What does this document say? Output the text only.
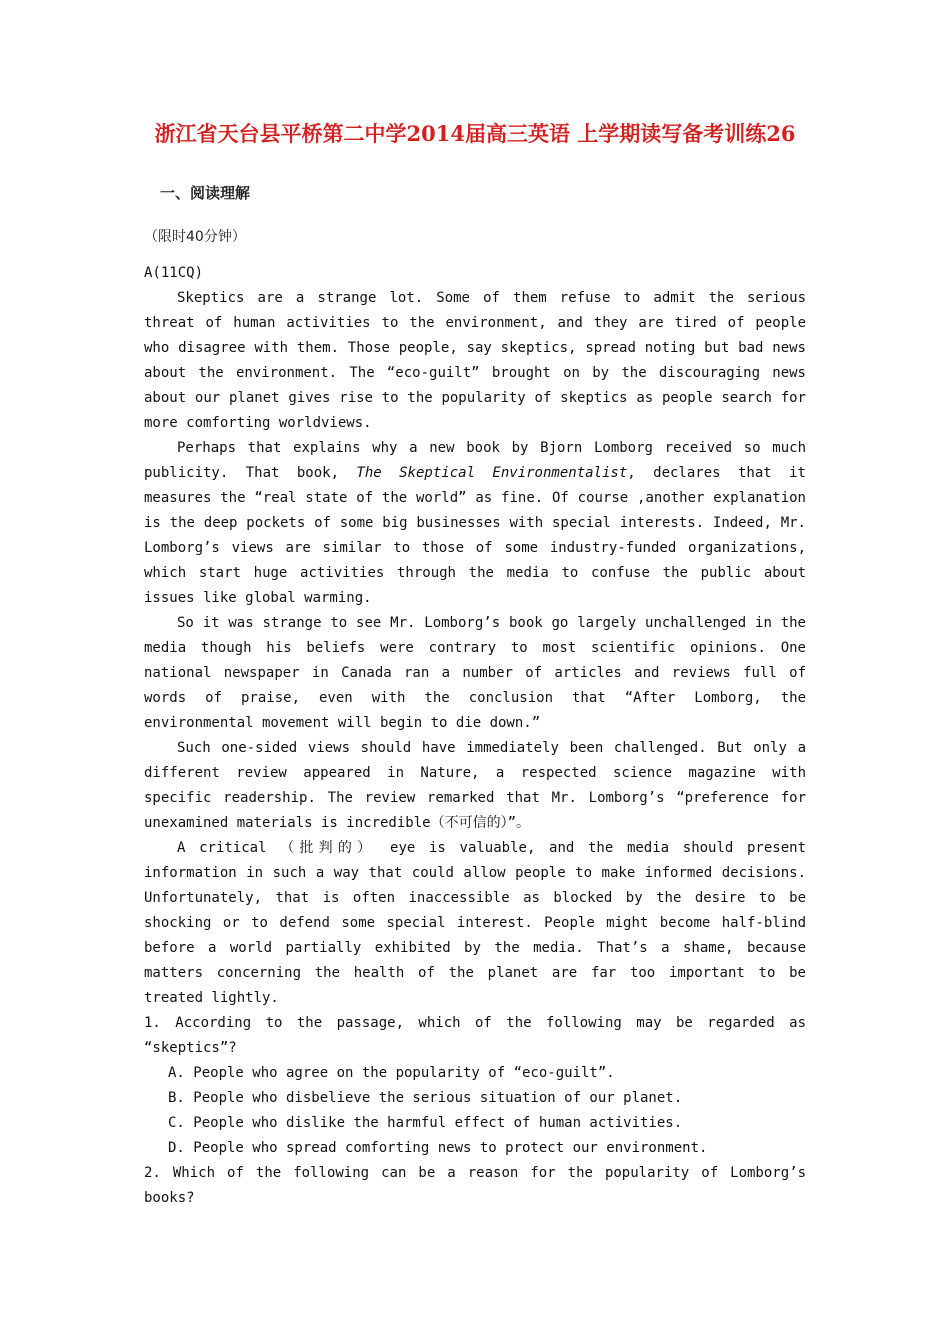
浙江省天台县平桥第二中学2014届高三英语 上学期读写备考训练26
一、阅读理解
（限时40分钟）

A(11CQ)

Skeptics are a strange lot. Some of them refuse to admit the serious threat of human activities to the environment, and they are tired of people who disagree with them. Those people, say skeptics, spread noting but bad news about the environment. The “eco-guilt” brought on by the discouraging news about our planet gives rise to the popularity of skeptics as people search for more comforting worldviews.

Perhaps that explains why a new book by Bjorn Lomborg received so much publicity. That book, The Skeptical Environmentalist, declares that it measures the “real state of the world” as fine. Of course ,another explanation is the deep pockets of some big businesses with special interests. Indeed, Mr. Lomborg’s views are similar to those of some industry-funded organizations, which start huge activities through the media to confuse the public about issues like global warming.

So it was strange to see Mr. Lomborg’s book go largely unchallenged in the media though his beliefs were contrary to most scientific opinions. One national newspaper in Canada ran a number of articles and reviews full of words of praise, even with the conclusion that “After Lomborg, the environmental movement will begin to die down.”

Such one-sided views should have immediately been challenged. But only a different review appeared in Nature, a respected science magazine with specific readership. The review remarked that Mr. Lomborg’s “preference for unexamined materials is incredible（不可信的）”。

A critical （批判的） eye is valuable, and the media should present information in such a way that could allow people to make informed decisions. Unfortunately, that is often inaccessible as blocked by the desire to be shocking or to defend some special interest. People might become half-blind before a world partially exhibited by the media. That’s a shame, because matters concerning the health of the planet are far too important to be treated lightly.

1. According to the passage, which of the following may be regarded as “skeptics”?

A. People who agree on the popularity of “eco-guilt”.

B. People who disbelieve the serious situation of our planet.

C. People who dislike the harmful effect of human activities.

D. People who spread comforting news to protect our environment.

2. Which of the following can be a reason for the popularity of Lomborg’s books?
